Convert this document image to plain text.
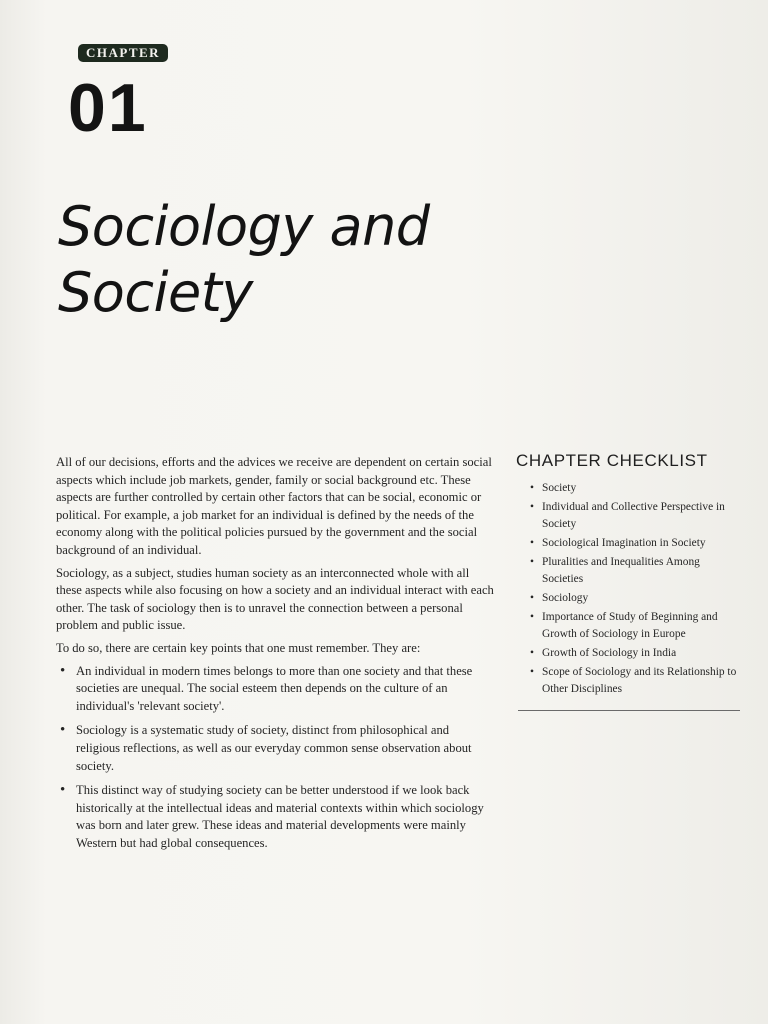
CHAPTER
01
Sociology and Society

All of our decisions, efforts and the advices we receive are dependent on certain social aspects which include job markets, gender, family or social background etc. These aspects are further controlled by certain other factors that can be social, economic or political. For example, a job market for an individual is defined by the needs of the economy along with the political policies pursued by the government and the social background of an individual.

Sociology, as a subject, studies human society as an interconnected whole with all these aspects while also focusing on how a society and an individual interact with each other. The task of sociology then is to unravel the connection between a personal problem and public issue.

To do so, there are certain key points that one must remember. They are:

• An individual in modern times belongs to more than one society and that these societies are unequal. The social esteem then depends on the culture of an individual's 'relevant society'.
• Sociology is a systematic study of society, distinct from philosophical and religious reflections, as well as our everyday common sense observation about society.
• This distinct way of studying society can be better understood if we look back historically at the intellectual ideas and material contexts within which sociology was born and later grew. These ideas and material developments were mainly Western but had global consequences.
CHAPTER CHECKLIST
• Society
• Individual and Collective Perspective in Society
• Sociological Imagination in Society
• Pluralities and Inequalities Among Societies
• Sociology
• Importance of Study of Beginning and Growth of Sociology in Europe
• Growth of Sociology in India
• Scope of Sociology and its Relationship to Other Disciplines
